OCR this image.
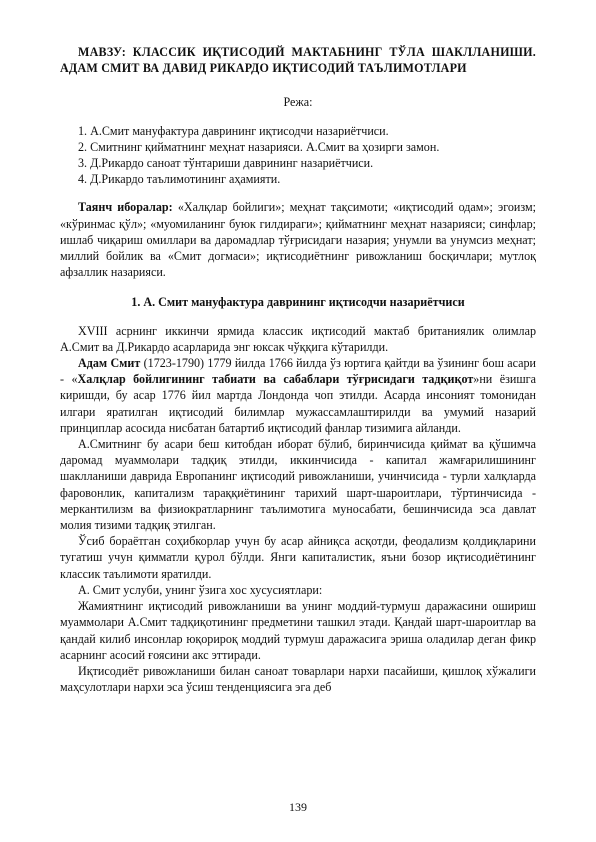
МАВЗУ: КЛАССИК ИҚТИСОДИЙ МАКТАБНИНГ ТЎЛА ШАКЛЛАНИШИ. АДАМ СМИТ ВА ДАВИД РИКАРДО ИҚТИСОДИЙ ТАЪЛИМОТЛАРИ

Режа:
1. А.Смит мануфактура даврининг иқтисодчи назариётчиси.
2. Смитнинг қийматнинг меҳнат назарияси. А.Смит ва ҳозирги замон.
3. Д.Рикардо саноат тўнтариши даврининг назариётчиси.
4. Д.Рикардо таълимотининг аҳамияти.

Таянч иборалар: «Халқлар бойлиги»; меҳнат тақсимоти; «иқтисодий одам»; эгоизм; «кўринмас қўл»; «муомиланинг буюк гилдираги»; қийматнинг меҳнат назарияси; синфлар; ишлаб чиқариш омиллари ва даромадлар тўғрисидаги назария; унумли ва унумсиз меҳнат; миллий бойлик ва «Смит догмаси»; иқтисодиётнинг ривожланиш босқичлари; мутлоқ афзаллик назарияси.

1. А. Смит мануфактура даврининг иқтисодчи назариётчиси

XVIII асрнинг иккинчи ярмида классик иқтисодий мактаб британиялик олимлар А.Смит ва Д.Рикардо асарларида энг юксак чўққига кўтарилди.

Адам Смит (1723-1790) 1779 йилда 1766 йилда ўз юртига қайтди ва ўзининг бош асари - «Халқлар бойлигининг табиати ва сабаблари тўғрисидаги тадқиқот»ни ёзишга киришди, бу асар 1776 йил мартда Лондонда чоп этилди. Асарда инсоният томонидан илгари яратилган иқтисодий билимлар мужассамлаштирилди ва умумий назарий принциплар асосида нисбатан батартиб иқтисодий фанлар тизимига айланди.

А.Смитнинг бу асари беш китобдан иборат бўлиб, биринчисида қиймат ва қўшимча даромад муаммолари тадқиқ этилди, иккинчисида - капитал жамғарилишининг шаклланиши даврида Европанинг иқтисодий ривожланиши, учинчисида - турли халқларда фаровонлик, капитализм тараққиётининг тарихий шарт-шароитлари, тўртинчисида - меркантилизм ва физиократларнинг таълимотига муносабати, бешинчисида эса давлат молия тизими тадқиқ этилган.

Ўсиб бораётган соҳибкорлар учун бу асар айниқса асқотди, феодализм қолдиқларини тугатиш учун қимматли қурол бўлди. Янги капиталистик, яъни бозор иқтисодиётининг классик таълимоти яратилди.

А. Смит услуби, унинг ўзига хос хусусиятлари:

Жамиятнинг иқтисодий ривожланиши ва унинг моддий-турмуш даражасини ошириш муаммолари А.Смит тадқиқотининг предметини ташкил этади. Қандай шарт-шароитлар ва қандай килиб инсонлар юқорироқ моддий турмуш даражасига эриша оладилар деган фикр асарнинг асосий ғоясини акс эттиради.

Иқтисодиёт ривожланиши билан саноат товарлари нархи пасайиши, қишлоқ хўжалиги маҳсулотлари нархи эса ўсиш тенденциясига эга деб

139
